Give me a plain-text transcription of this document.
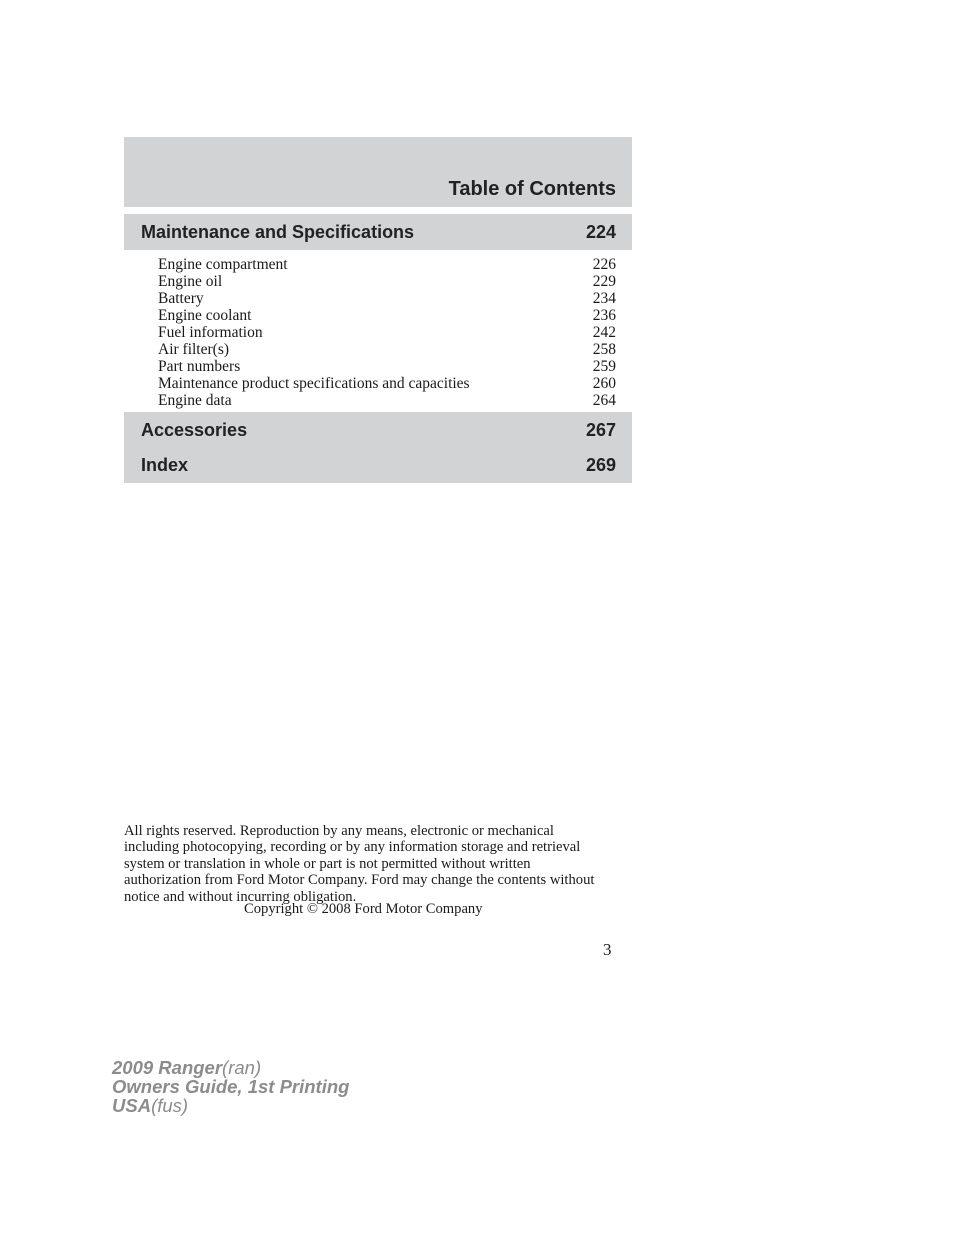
Table of Contents
Maintenance and Specifications	224
Engine compartment	226
Engine oil	229
Battery	234
Engine coolant	236
Fuel information	242
Air filter(s)	258
Part numbers	259
Maintenance product specifications and capacities	260
Engine data	264
Accessories	267
Index	269
All rights reserved. Reproduction by any means, electronic or mechanical
including photocopying, recording or by any information storage and retrieval
system or translation in whole or part is not permitted without written
authorization from Ford Motor Company. Ford may change the contents without
notice and without incurring obligation.
Copyright © 2008 Ford Motor Company
3
2009 Ranger(ran)
Owners Guide, 1st Printing
USA(fus)
